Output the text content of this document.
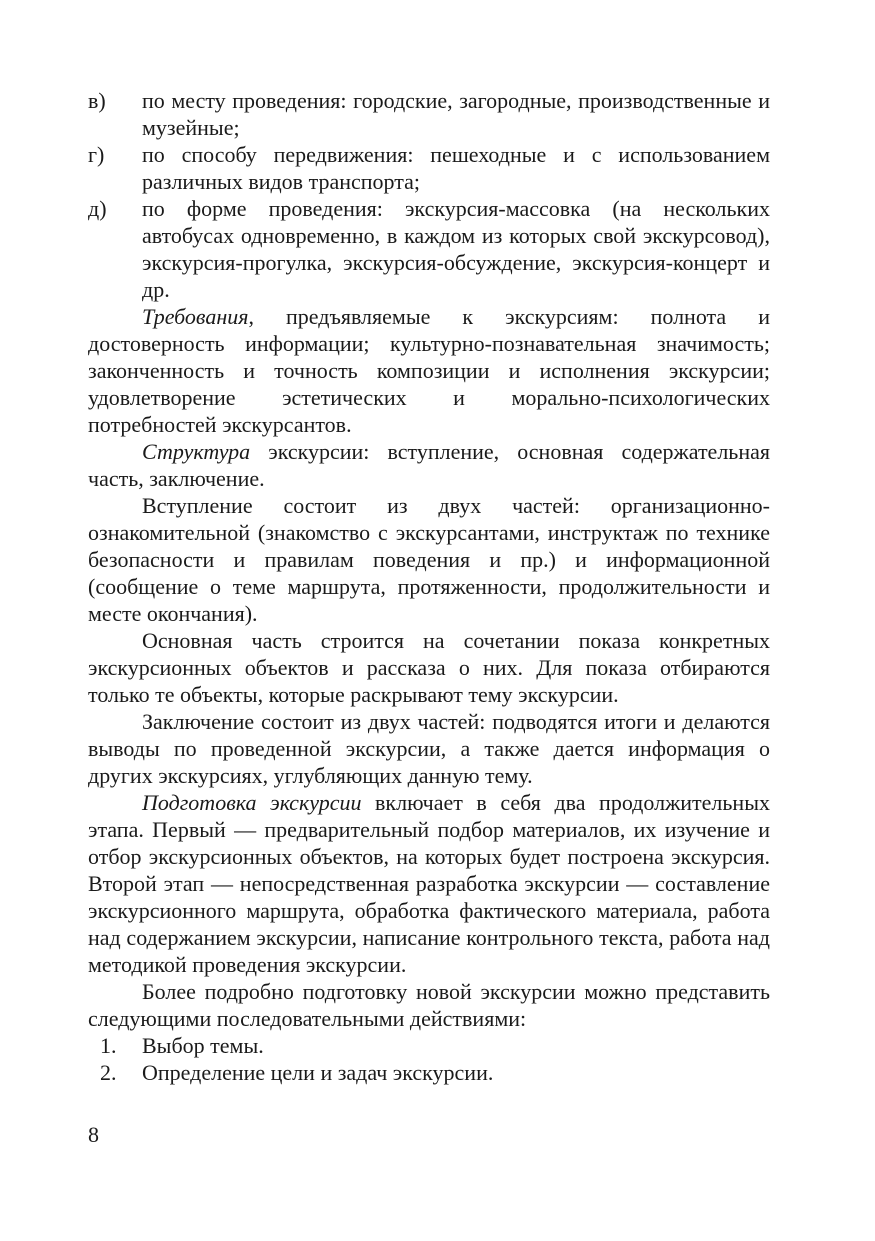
в) по месту проведения: городские, загородные, производственные и музейные;
г) по способу передвижения: пешеходные и с использованием различных видов транспорта;
д) по форме проведения: экскурсия-массовка (на нескольких автобусах одновременно, в каждом из которых свой экскурсовод), экскурсия-прогулка, экскурсия-обсуждение, экскурсия-концерт и др.

Требования, предъявляемые к экскурсиям: полнота и достоверность информации; культурно-познавательная значимость; законченность и точность композиции и исполнения экскурсии; удовлетворение эстетических и морально-психологических потребностей экскурсантов.

Структура экскурсии: вступление, основная содержательная часть, заключение.

Вступление состоит из двух частей: организационно-ознакомительной (знакомство с экскурсантами, инструктаж по технике безопасности и правилам поведения и пр.) и информационной (сообщение о теме маршрута, протяженности, продолжительности и месте окончания).

Основная часть строится на сочетании показа конкретных экскурсионных объектов и рассказа о них. Для показа отбираются только те объекты, которые раскрывают тему экскурсии.

Заключение состоит из двух частей: подводятся итоги и делаются выводы по проведенной экскурсии, а также дается информация о других экскурсиях, углубляющих данную тему.

Подготовка экскурсии включает в себя два продолжительных этапа. Первый — предварительный подбор материалов, их изучение и отбор экскурсионных объектов, на которых будет построена экскурсия. Второй этап — непосредственная разработка экскурсии — составление экскурсионного маршрута, обработка фактического материала, работа над содержанием экскурсии, написание контрольного текста, работа над методикой проведения экскурсии.

Более подробно подготовку новой экскурсии можно представить следующими последовательными действиями:

1. Выбор темы.
2. Определение цели и задач экскурсии.
8
